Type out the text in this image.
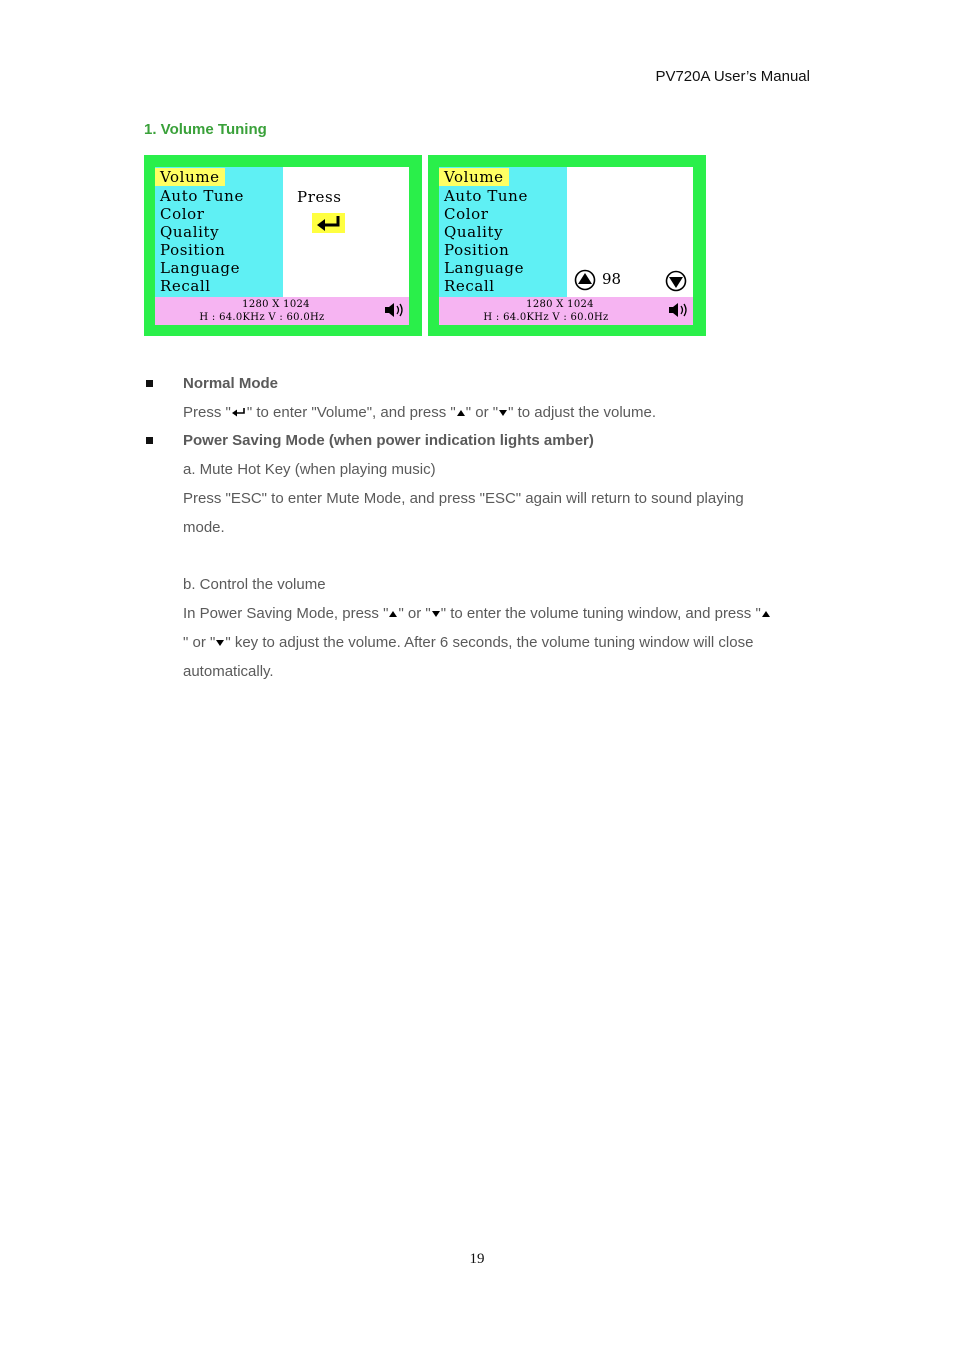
PV720A User’s Manual
1. Volume Tuning
Volume
Auto Tune
Color
Quality
Position
Language
Recall
Press
1280 X 1024
H : 64.0KHz V : 60.0Hz
Volume
Auto Tune
Color
Quality
Position
Language
Recall	98
1280 X 1024
H : 64.0KHz V : 60.0Hz
Normal Mode
Press " " to enter "Volume", and press " " or " " to adjust the volume.
Power Saving Mode (when power indication lights amber)
a. Mute Hot Key (when playing music)
Press "ESC" to enter Mute Mode, and press "ESC" again will return to sound playing
mode.
b. Control the volume
In Power Saving Mode, press " " or " " to enter the volume tuning window, and press "
" or " " key to adjust the volume. After 6 seconds, the volume tuning window will close
automatically.
19
